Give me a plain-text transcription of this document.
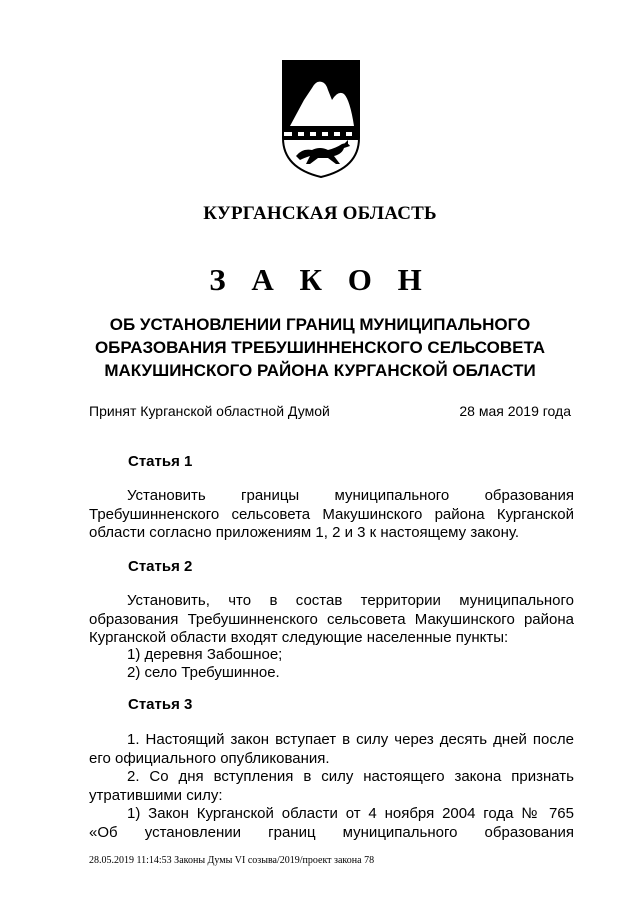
КУРГАНСКАЯ ОБЛАСТЬ
З А К О Н
ОБ УСТАНОВЛЕНИИ ГРАНИЦ МУНИЦИПАЛЬНОГО
ОБРАЗОВАНИЯ ТРЕБУШИННЕНСКОГО СЕЛЬСОВЕТА
МАКУШИНСКОГО РАЙОНА КУРГАНСКОЙ ОБЛАСТИ
Принят Курганской областной Думой	28 мая 2019 года
Статья 1
Установить границы муниципального образования
Требушинненского сельсовета Макушинского района Курганской области согласно приложениям 1, 2 и 3 к настоящему закону.
Статья 2
Установить, что в состав территории муниципального
образования Требушинненского сельсовета Макушинского района Курганской области входят следующие населенные пункты:
1) деревня Забошное;
2) село Требушинное.
Статья 3
1. Настоящий закон вступает в силу через десять дней после его официального опубликования.
2. Со дня вступления в силу настоящего закона признать утратившими силу:
1) Закон Курганской области от 4 ноября 2004 года № 765
«Об установлении границ муниципального образования
28.05.2019 11:14:53 Законы Думы VI созыва/2019/проект закона 78
